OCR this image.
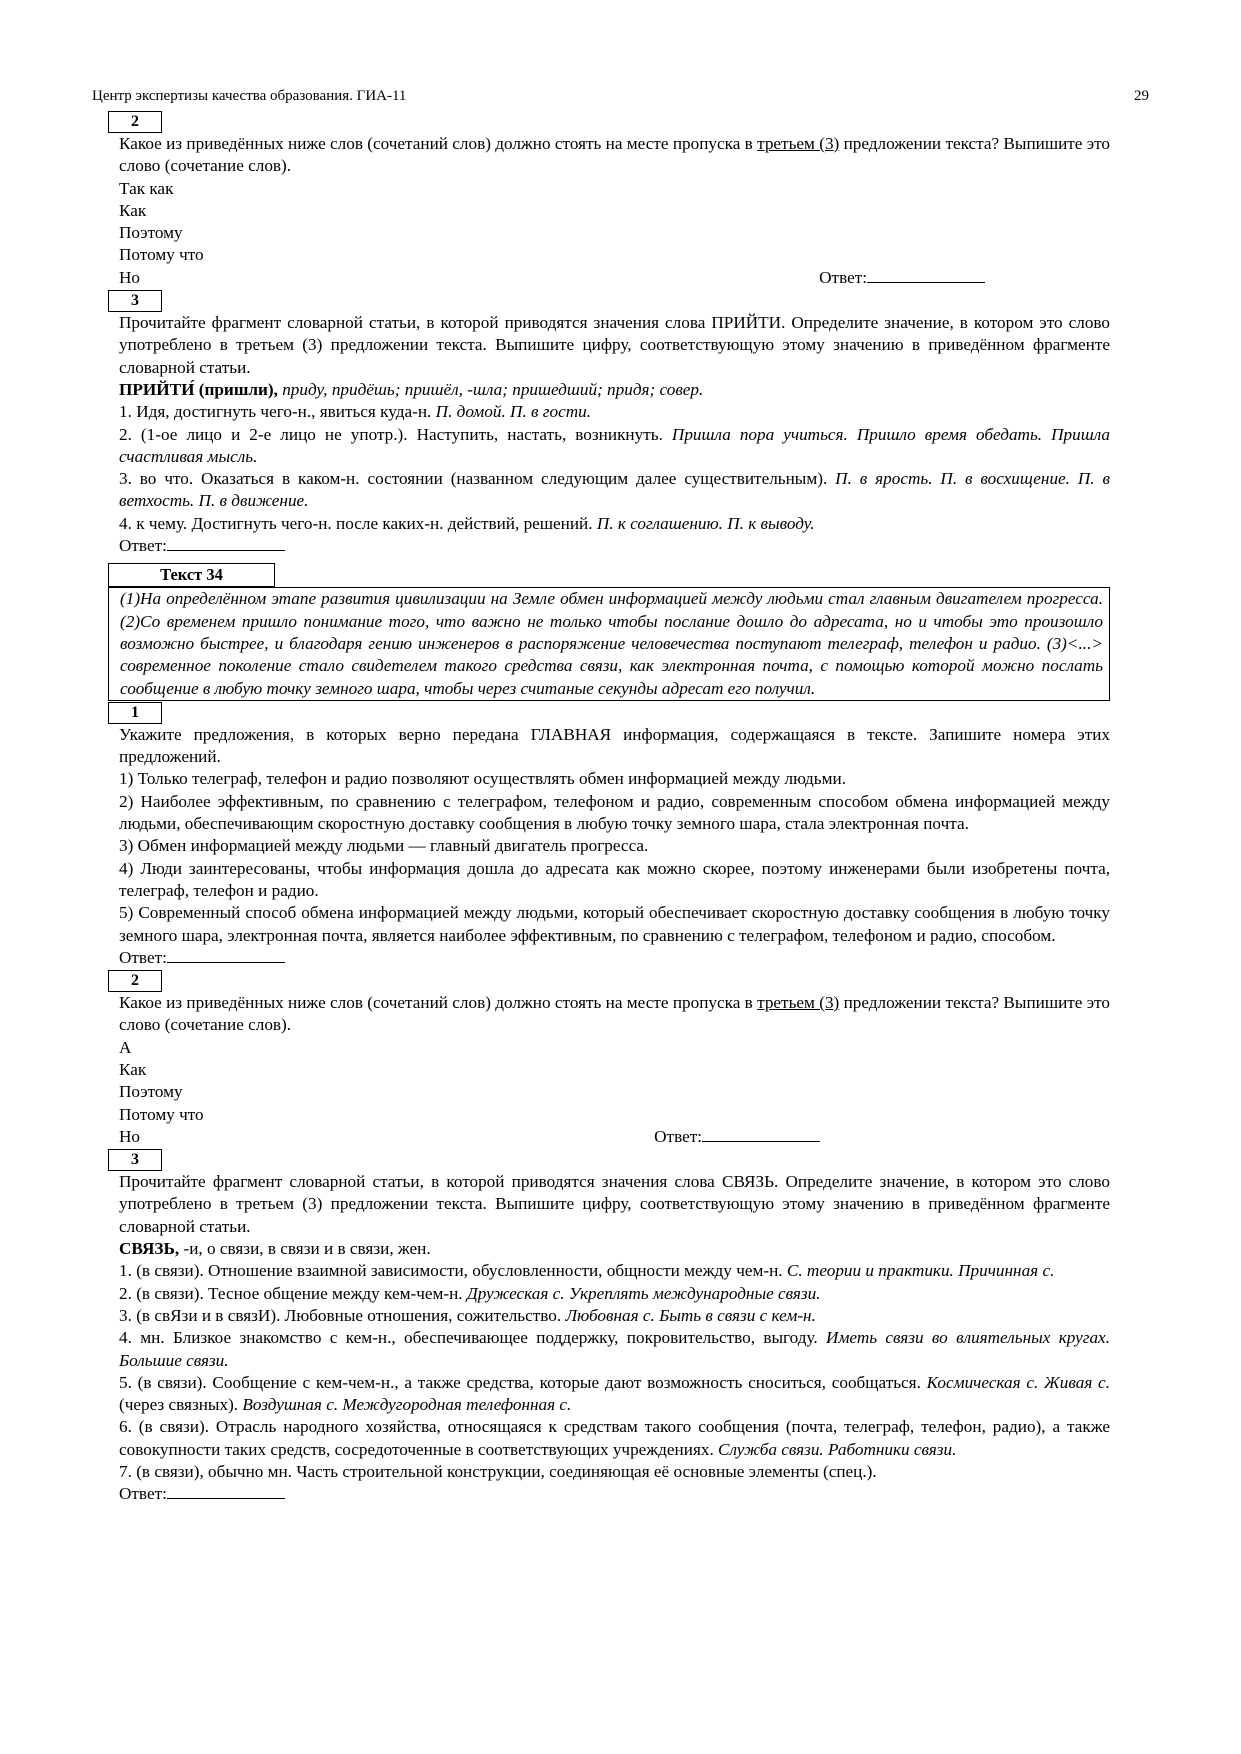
Центр экспертизы качества образования. ГИА-11	29
2

Какое из приведённых ниже слов (сочетаний слов) должно стоять на месте пропуска в третьем (3) предложении текста? Выпишите это слово (сочетание слов).

Так как
Как
Поэтому
Потому что
Но	Ответ:
3

Прочитайте фрагмент словарной статьи, в которой приводятся значения слова ПРИЙТИ. Определите значение, в котором это слово употреблено в третьем (3) предложении текста. Выпишите цифру, соответствующую этому значению в приведённом фрагменте словарной статьи.

ПРИЙТИ́ (пришли), приду, придёшь; пришёл, -шла; пришедший; придя; совер.

1. Идя, достигнуть чего-н., явиться куда-н. П. домой. П. в гости.

2. (1-ое лицо и 2-е лицо не употр.). Наступить, настать, возникнуть. Пришла пора учиться. Пришло время обедать. Пришла счастливая мысль.

3. во что. Оказаться в каком-н. состоянии (названном следующим далее существительным). П. в ярость. П. в восхищение. П. в ветхость. П. в движение.

4. к чему. Достигнуть чего-н. после каких-н. действий, решений. П. к соглашению. П. к выводу.

Ответ:
Текст 34
(1)На определённом этапе развития цивилизации на Земле обмен информацией между людьми стал главным двигателем прогресса. (2)Со временем пришло понимание того, что важно не только чтобы послание дошло до адресата, но и чтобы это произошло возможно быстрее, и благодаря гению инженеров в распоряжение человечества поступают телеграф, телефон и радио. (3)<...> современное поколение стало свидетелем такого средства связи, как электронная почта, с помощью которой можно послать сообщение в любую точку земного шара, чтобы через считаные секунды адресат его получил.
1

Укажите предложения, в которых верно передана ГЛАВНАЯ информация, содержащаяся в тексте. Запишите номера этих предложений.

1) Только телеграф, телефон и радио позволяют осуществлять обмен информацией между людьми.

2) Наиболее эффективным, по сравнению с телеграфом, телефоном и радио, современным способом обмена информацией между людьми, обеспечивающим скоростную доставку сообщения в любую точку земного шара, стала электронная почта.

3) Обмен информацией между людьми — главный двигатель прогресса.

4) Люди заинтересованы, чтобы информация дошла до адресата как можно скорее, поэтому инженерами были изобретены почта, телеграф, телефон и радио.

5) Современный способ обмена информацией между людьми, который обеспечивает скоростную доставку сообщения в любую точку земного шара, электронная почта, является наиболее эффективным, по сравнению с телеграфом, телефоном и радио, способом.

Ответ:
2

Какое из приведённых ниже слов (сочетаний слов) должно стоять на месте пропуска в третьем (3) предложении текста? Выпишите это слово (сочетание слов).

А
Как
Поэтому
Потому что
Но	Ответ:
3

Прочитайте фрагмент словарной статьи, в которой приводятся значения слова СВЯЗЬ. Определите значение, в котором это слово употреблено в третьем (3) предложении текста. Выпишите цифру, соответствующую этому значению в приведённом фрагменте словарной статьи.

СВЯЗЬ, -и, о связи, в связи и в связи, жен.

1. (в связи). Отношение взаимной зависимости, обусловленности, общности между чем-н. С. теории и практики. Причинная с.

2. (в связи). Тесное общение между кем-чем-н. Дружеская с. Укреплять международные связи.

3. (в свЯзи и в связИ). Любовные отношения, сожительство. Любовная с. Быть в связи с кем-н.

4. мн. Близкое знакомство с кем-н., обеспечивающее поддержку, покровительство, выгоду. Иметь связи во влиятельных кругах. Большие связи.

5. (в связи). Сообщение с кем-чем-н., а также средства, которые дают возможность сноситься, сообщаться. Космическая с. Живая с. (через связных). Воздушная с. Междугородная телефонная с.

6. (в связи). Отрасль народного хозяйства, относящаяся к средствам такого сообщения (почта, телеграф, телефон, радио), а также совокупности таких средств, сосредоточенные в соответствующих учреждениях. Служба связи. Работники связи.

7. (в связи), обычно мн. Часть строительной конструкции, соединяющая её основные элементы (спец.).

Ответ:
